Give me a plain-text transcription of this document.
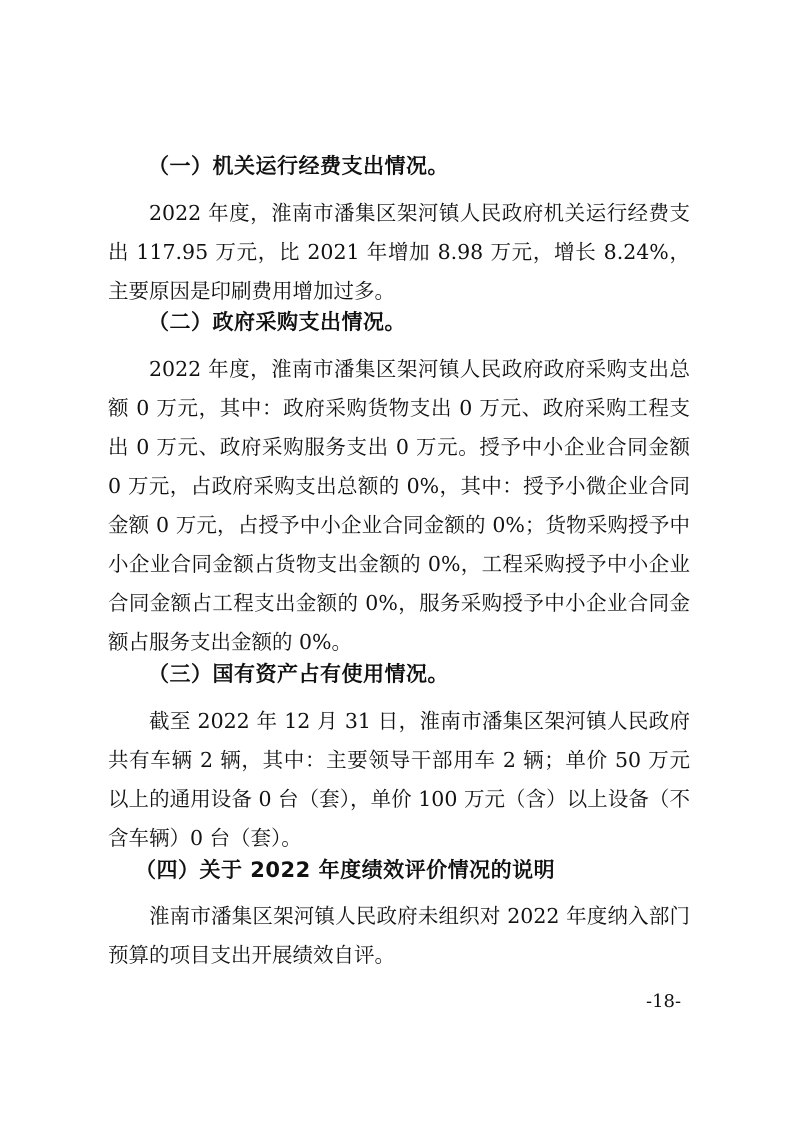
（一）机关运行经费支出情况。

2022 年度，淮南市潘集区架河镇人民政府机关运行经费支出 117.95 万元，比 2021 年增加 8.98 万元，增长 8.24%，主要原因是印刷费用增加过多。

（二）政府采购支出情况。

2022 年度，淮南市潘集区架河镇人民政府政府采购支出总额 0 万元，其中：政府采购货物支出 0 万元、政府采购工程支出 0 万元、政府采购服务支出 0 万元。授予中小企业合同金额 0 万元，占政府采购支出总额的 0%，其中：授予小微企业合同金额 0 万元，占授予中小企业合同金额的 0%；货物采购授予中小企业合同金额占货物支出金额的 0%，工程采购授予中小企业合同金额占工程支出金额的 0%，服务采购授予中小企业合同金额占服务支出金额的 0%。

（三）国有资产占有使用情况。

截至 2022 年 12 月 31 日，淮南市潘集区架河镇人民政府共有车辆 2 辆，其中：主要领导干部用车 2 辆；单价 50 万元以上的通用设备 0 台（套），单价 100 万元（含）以上设备（不含车辆）0 台（套）。

（四）关于 2022 年度绩效评价情况的说明

淮南市潘集区架河镇人民政府未组织对 2022 年度纳入部门预算的项目支出开展绩效自评。

-18-
